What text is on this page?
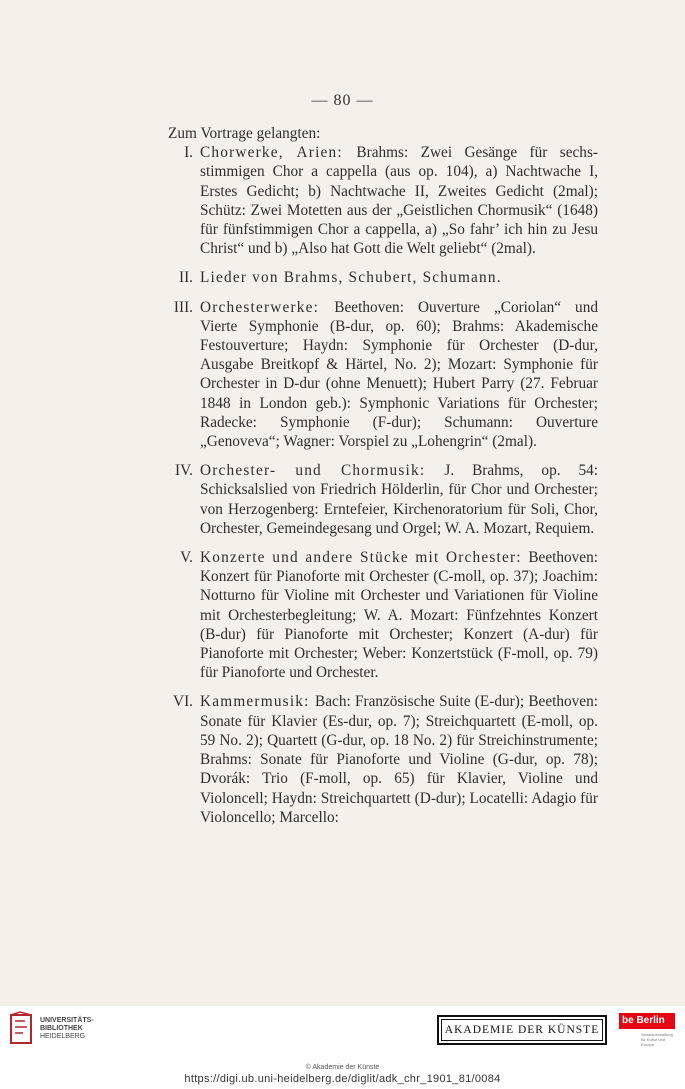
— 80 —
Zum Vortrage gelangten:
I. Chorwerke, Arien: Brahms: Zwei Gesänge für sechs-stimmigen Chor a cappella (aus op. 104), a) Nachtwache I, Erstes Gedicht; b) Nachtwache II, Zweites Gedicht (2mal); Schütz: Zwei Motetten aus der „Geistlichen Chormusik“ (1648) für fünfstimmigen Chor a cappella, a) „So fahr’ ich hin zu Jesu Christ“ und b) „Also hat Gott die Welt geliebt“ (2mal).
II. Lieder von Brahms, Schubert, Schumann.
III. Orchesterwerke: Beethoven: Ouverture „Coriolan“ und Vierte Symphonie (B-dur, op. 60); Brahms: Akademische Festouverture; Haydn: Symphonie für Orchester (D-dur, Ausgabe Breitkopf & Härtel, No. 2); Mozart: Symphonie für Orchester in D-dur (ohne Menuett); Hubert Parry (27. Februar 1848 in London geb.): Symphonic Variations für Orchester; Radecke: Symphonie (F-dur); Schumann: Ouverture „Genoveva“; Wagner: Vorspiel zu „Lohengrin“ (2mal).
IV. Orchester- und Chormusik: J. Brahms, op. 54: Schicksalslied von Friedrich Hölderlin, für Chor und Orchester; von Herzogenberg: Erntefeier, Kirchenoratorium für Soli, Chor, Orchester, Gemeindegesang und Orgel; W. A. Mozart, Requiem.
V. Konzerte und andere Stücke mit Orchester: Beethoven: Konzert für Pianoforte mit Orchester (C-moll, op. 37); Joachim: Notturno für Violine mit Orchester und Variationen für Violine mit Orchesterbegleitung; W. A. Mozart: Fünfzehntes Konzert (B-dur) für Pianoforte mit Orchester; Konzert (A-dur) für Pianoforte mit Orchester; Weber: Konzertstück (F-moll, op. 79) für Pianoforte und Orchester.
VI. Kammermusik: Bach: Französische Suite (E-dur); Beethoven: Sonate für Klavier (Es-dur, op. 7); Streichquartett (E-moll, op. 59 No. 2); Quartett (G-dur, op. 18 No. 2) für Streichinstrumente; Brahms: Sonate für Pianoforte und Violine (G-dur, op. 78); Dvorák: Trio (F-moll, op. 65) für Klavier, Violine und Violoncell; Haydn: Streichquartett (D-dur); Locatelli: Adagio für Violoncello; Marcello:
UNIVERSITÄTS-
BIBLIOTHEK
HEIDELBERG
AKADEMIE DER KÜNSTE
be Berlin
Senatsverwaltung für Kultur und Europa
© Akademie der Künste
https://digi.ub.uni-heidelberg.de/diglit/adk_chr_1901_81/0084
